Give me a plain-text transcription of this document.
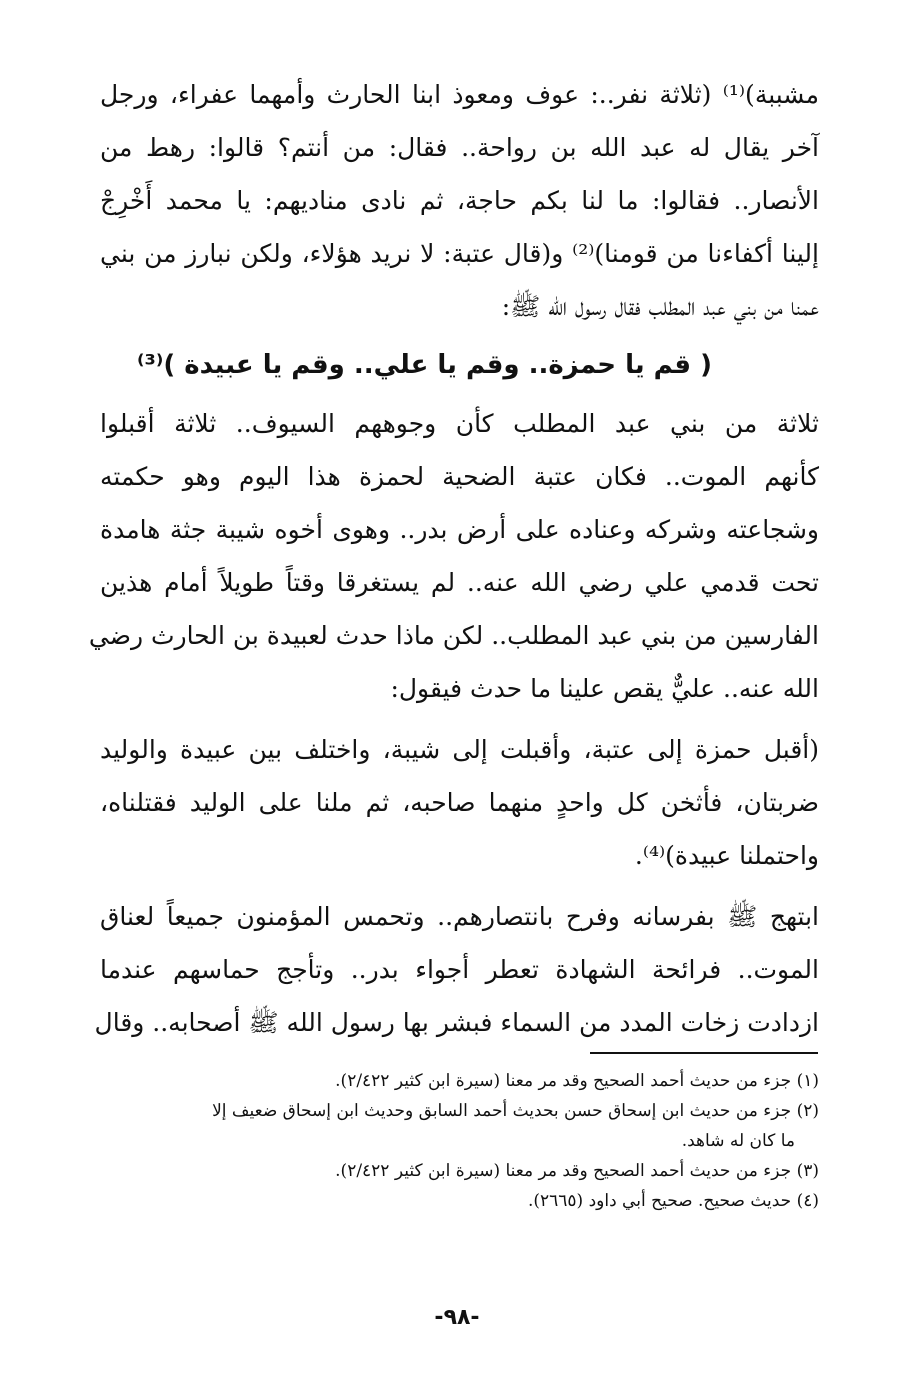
مشببة)⁽¹⁾ (ثلاثة نفر..: عوف ومعوذ ابنا الحارث وأمهما عفراء، ورجل
آخر يقال له عبد الله بن رواحة.. فقال: من أنتم؟ قالوا: رهط من
الأنصار.. فقالوا: ما لنا بكم حاجة، ثم نادى مناديهم: يا محمد أَخْرِجْ
إلينا أكفاءنا من قومنا)⁽²⁾ و(قال عتبة: لا نريد هؤلاء، ولكن نبارز من بني
عمنا من بني عبد المطلب فقال رسول الله ﷺ:
( قم يا حمزة.. وقم يا علي.. وقم يا عبيدة )⁽³⁾
ثلاثة من بني عبد المطلب كأن وجوههم السيوف.. ثلاثة أقبلوا
كأنهم الموت.. فكان عتبة الضحية لحمزة هذا اليوم وهو حكمته
وشجاعته وشركه وعناده على أرض بدر.. وهوى أخوه شيبة جثة هامدة
تحت قدمي علي رضي الله عنه.. لم يستغرقا وقتاً طويلاً أمام هذين
الفارسين من بني عبد المطلب.. لكن ماذا حدث لعبيدة بن الحارث رضي
الله عنه.. عليٌّ يقص علينا ما حدث فيقول:
(أقبل حمزة إلى عتبة، وأقبلت إلى شيبة، واختلف بين عبيدة والوليد
ضربتان، فأثخن كل واحدٍ منهما صاحبه، ثم ملنا على الوليد فقتلناه،
واحتملنا عبيدة)⁽⁴⁾.
ابتهج ﷺ بفرسانه وفرح بانتصارهم.. وتحمس المؤمنون جميعاً لعناق
الموت.. فرائحة الشهادة تعطر أجواء بدر.. وتأجج حماسهم عندما
ازدادت زخات المدد من السماء فبشر بها رسول الله ﷺ أصحابه.. وقال
(١) جزء من حديث أحمد الصحيح وقد مر معنا (سيرة ابن كثير ٢/٤٢٢).
(٢) جزء من حديث ابن إسحاق حسن بحديث أحمد السابق وحديث ابن إسحاق ضعيف إلا
ما كان له شاهد.
(٣) جزء من حديث أحمد الصحيح وقد مر معنا (سيرة ابن كثير ٢/٤٢٢).
(٤) حديث صحيح. صحيح أبي داود (٢٦٦٥).
-٩٨-
